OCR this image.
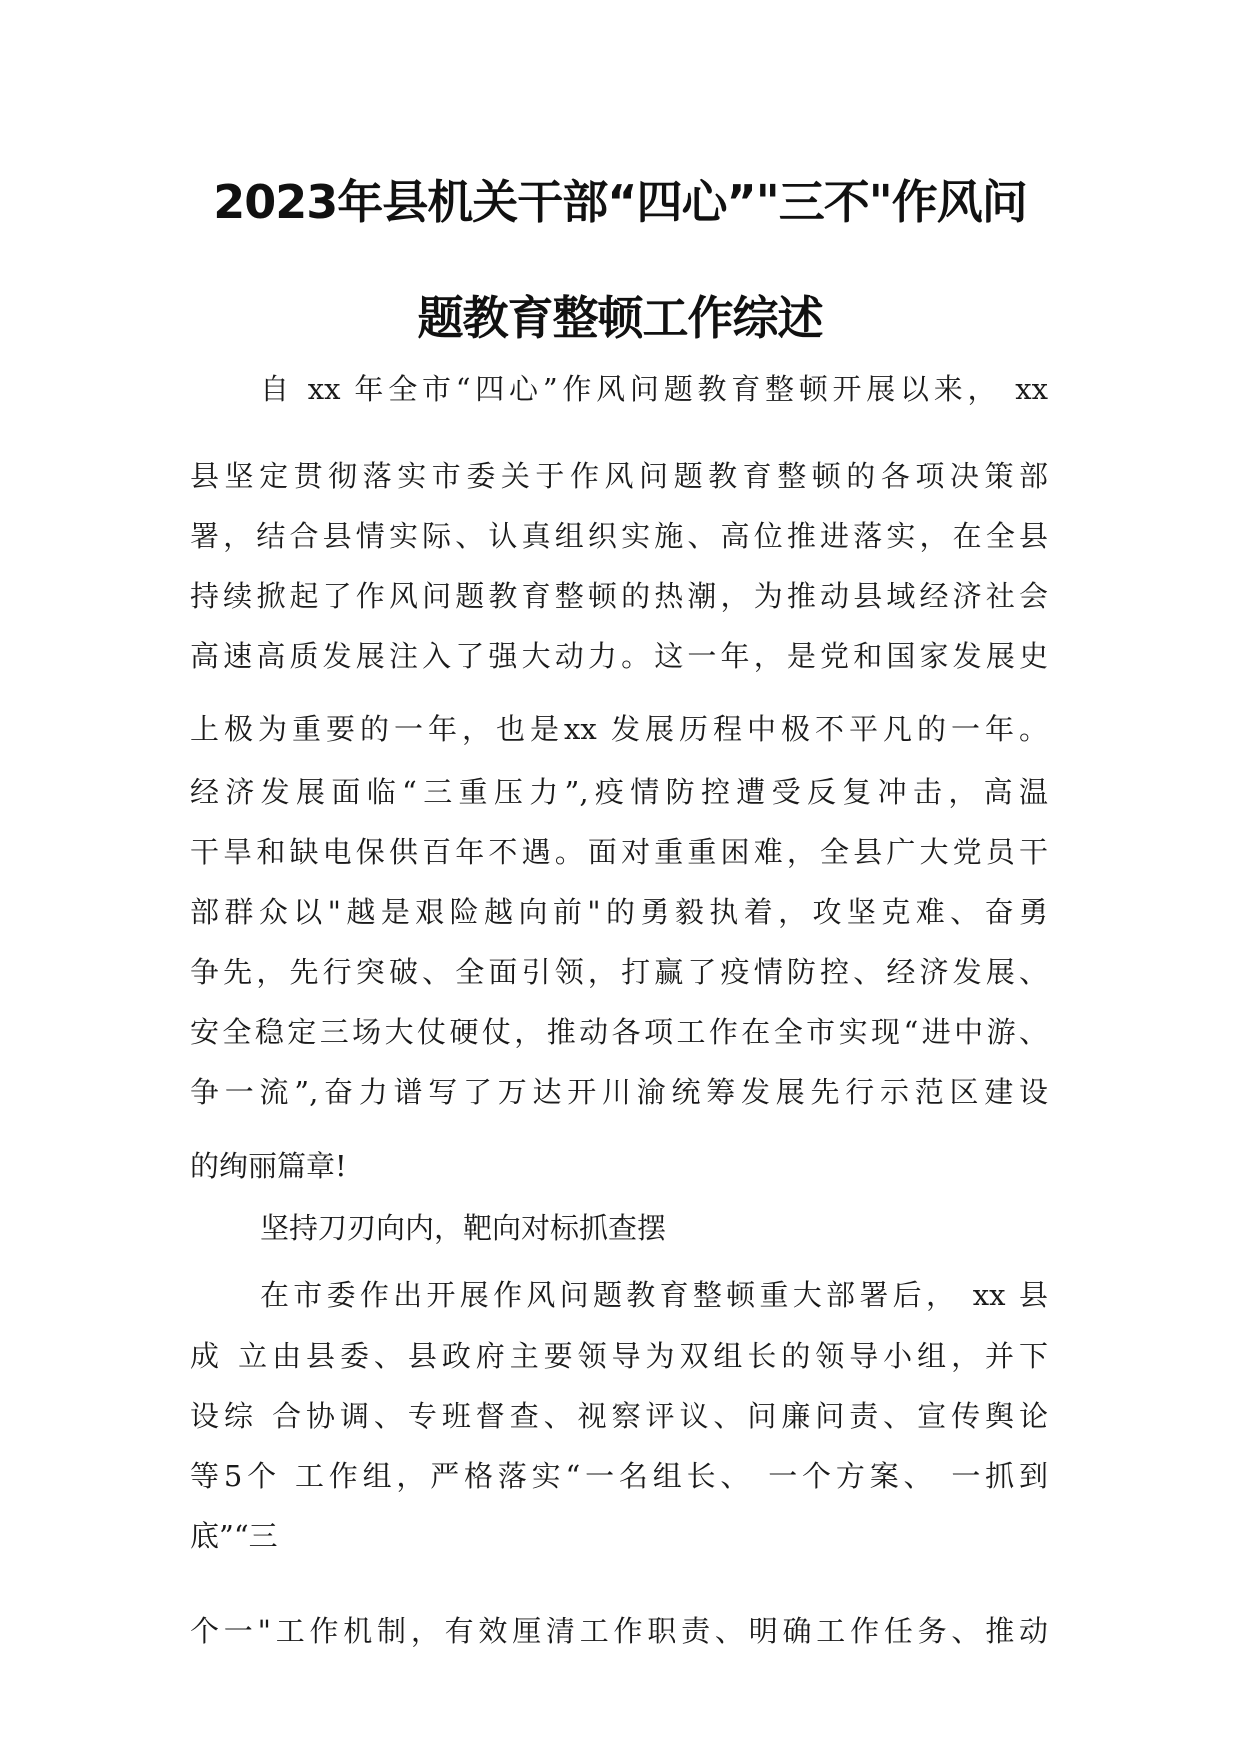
2023年县机关干部“四心”"三不"作风问
题教育整顿工作综述
自 xx 年全市“四心”作风问题教育整顿开展以来， xx
县坚定贯彻落实市委关于作风问题教育整顿的各项决策部
署，结合县情实际、认真组织实施、高位推进落实，在全县
持续掀起了作风问题教育整顿的热潮，为推动县域经济社会
高速高质发展注入了强大动力。这一年，是党和国家发展史
上极为重要的一年，也是xx 发展历程中极不平凡的一年。
经济发展面临“三重压力”,疫情防控遭受反复冲击，高温
干旱和缺电保供百年不遇。面对重重困难，全县广大党员干
部群众以"越是艰险越向前"的勇毅执着，攻坚克难、奋勇
争先，先行突破、全面引领，打赢了疫情防控、经济发展、
安全稳定三场大仗硬仗，推动各项工作在全市实现“进中游、
争一流”,奋力谱写了万达开川渝统筹发展先行示范区建设
的绚丽篇章!
坚持刀刃向内，靶向对标抓查摆
在市委作出开展作风问题教育整顿重大部署后， xx 县
成 立由县委、县政府主要领导为双组长的领导小组，并下
设综 合协调、专班督查、视察评议、问廉问责、宣传舆论
等5个 工作组，严格落实“一名组长、 一个方案、 一抓到
底”“三
个一"工作机制，有效厘清工作职责、明确工作任务、推动
